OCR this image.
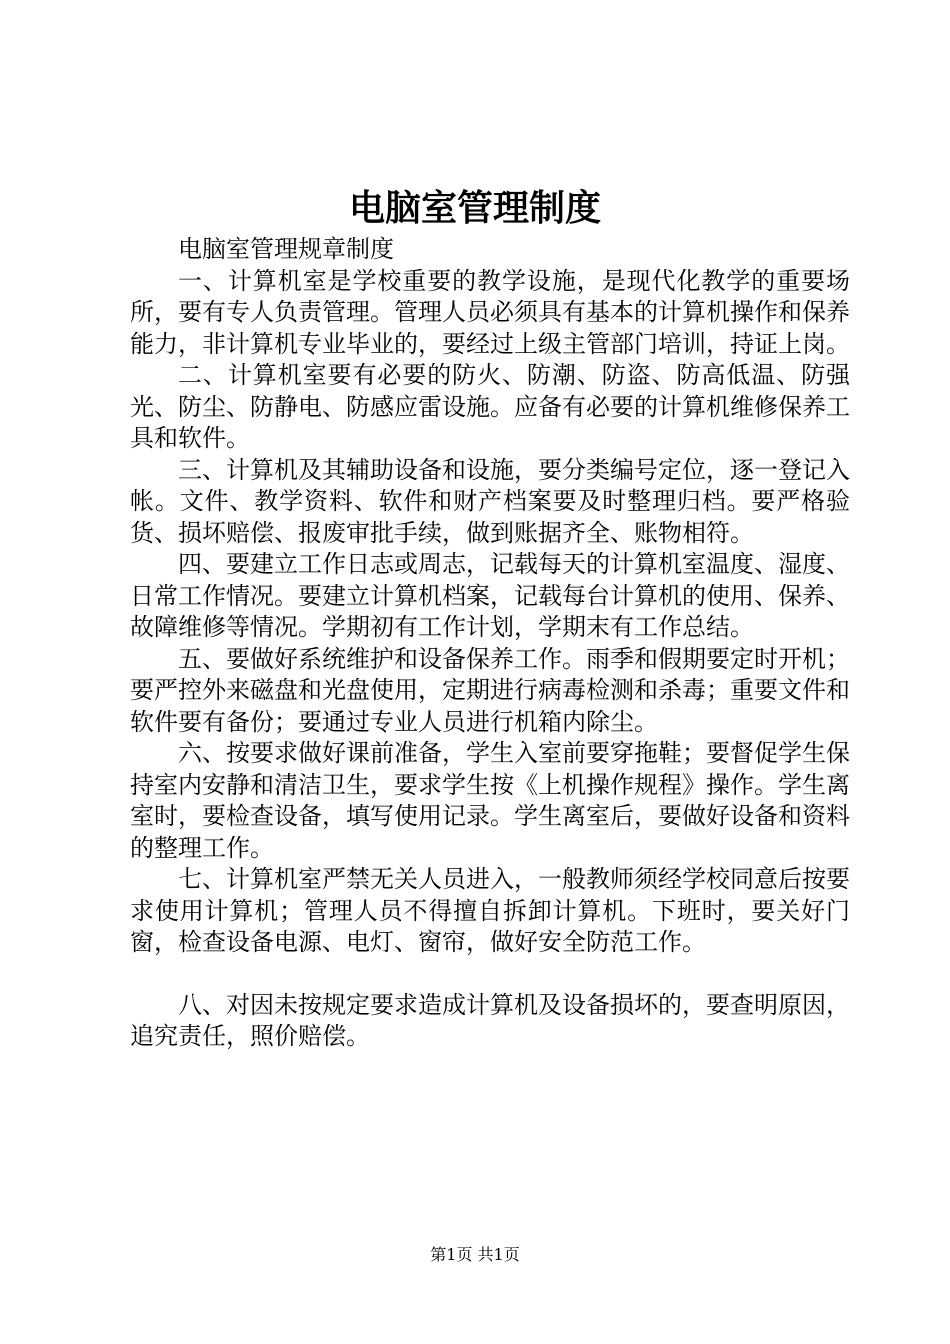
电脑室管理制度

电脑室管理规章制度

一、计算机室是学校重要的教学设施，是现代化教学的重要场所，要有专人负责管理。管理人员必须具有基本的计算机操作和保养能力，非计算机专业毕业的，要经过上级主管部门培训，持证上岗。

二、计算机室要有必要的防火、防潮、防盗、防高低温、防强光、防尘、防静电、防感应雷设施。应备有必要的计算机维修保养工具和软件。

三、计算机及其辅助设备和设施，要分类编号定位，逐一登记入帐。文件、教学资料、软件和财产档案要及时整理归档。要严格验货、损坏赔偿、报废审批手续，做到账据齐全、账物相符。

四、要建立工作日志或周志，记载每天的计算机室温度、湿度、日常工作情况。要建立计算机档案，记载每台计算机的使用、保养、故障维修等情况。学期初有工作计划，学期末有工作总结。

五、要做好系统维护和设备保养工作。雨季和假期要定时开机；要严控外来磁盘和光盘使用，定期进行病毒检测和杀毒；重要文件和软件要有备份；要通过专业人员进行机箱内除尘。

六、按要求做好课前准备，学生入室前要穿拖鞋；要督促学生保持室内安静和清洁卫生，要求学生按《上机操作规程》操作。学生离室时，要检查设备，填写使用记录。学生离室后，要做好设备和资料的整理工作。

七、计算机室严禁无关人员进入，一般教师须经学校同意后按要求使用计算机；管理人员不得擅自拆卸计算机。下班时，要关好门窗，检查设备电源、电灯、窗帘，做好安全防范工作。

八、对因未按规定要求造成计算机及设备损坏的，要查明原因，追究责任，照价赔偿。

第1页 共1页
